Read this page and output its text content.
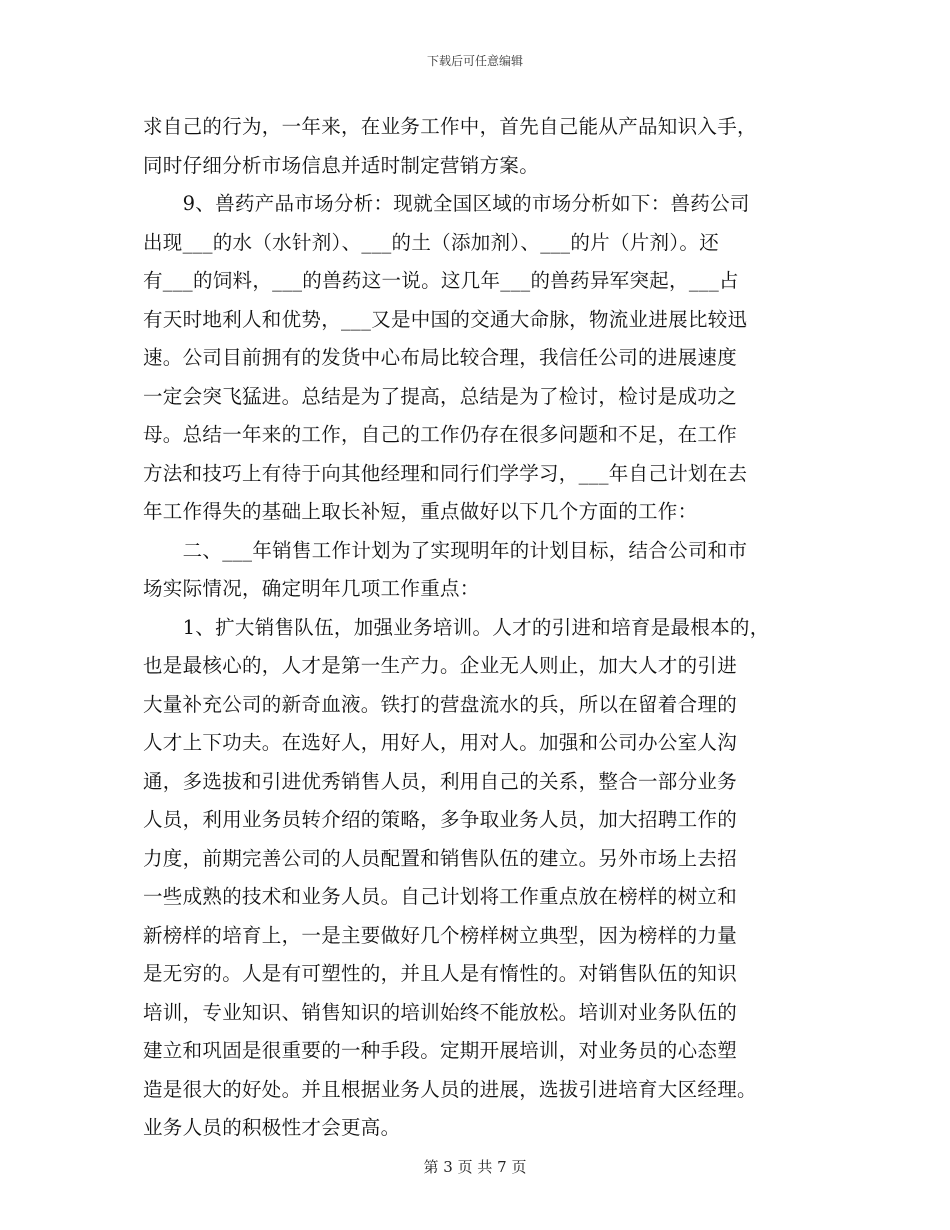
下载后可任意编辑
求自己的行为，一年来，在业务工作中，首先自己能从产品知识入手，
同时仔细分析市场信息并适时制定营销方案。
　　9、兽药产品市场分析：现就全国区域的市场分析如下：兽药公司
出现___的水（水针剂）、___的土（添加剂）、___的片（片剂）。还
有___的饲料，___的兽药这一说。这几年___的兽药异军突起，___占
有天时地利人和优势，___又是中国的交通大命脉，物流业进展比较迅
速。公司目前拥有的发货中心布局比较合理，我信任公司的进展速度
一定会突飞猛进。总结是为了提高，总结是为了检讨，检讨是成功之
母。总结一年来的工作，自己的工作仍存在很多问题和不足，在工作
方法和技巧上有待于向其他经理和同行们学学习，___年自己计划在去
年工作得失的基础上取长补短，重点做好以下几个方面的工作：
　　二、___年销售工作计划为了实现明年的计划目标，结合公司和市
场实际情况，确定明年几项工作重点：
　　1、扩大销售队伍，加强业务培训。人才的引进和培育是最根本的，
也是最核心的，人才是第一生产力。企业无人则止，加大人才的引进
大量补充公司的新奇血液。铁打的营盘流水的兵，所以在留着合理的
人才上下功夫。在选好人，用好人，用对人。加强和公司办公室人沟
通，多选拔和引进优秀销售人员，利用自己的关系，整合一部分业务
人员，利用业务员转介绍的策略，多争取业务人员，加大招聘工作的
力度，前期完善公司的人员配置和销售队伍的建立。另外市场上去招
一些成熟的技术和业务人员。自己计划将工作重点放在榜样的树立和
新榜样的培育上，一是主要做好几个榜样树立典型，因为榜样的力量
是无穷的。人是有可塑性的，并且人是有惰性的。对销售队伍的知识
培训，专业知识、销售知识的培训始终不能放松。培训对业务队伍的
建立和巩固是很重要的一种手段。定期开展培训，对业务员的心态塑
造是很大的好处。并且根据业务人员的进展，选拔引进培育大区经理。
业务人员的积极性才会更高。
第 3 页 共 7 页
